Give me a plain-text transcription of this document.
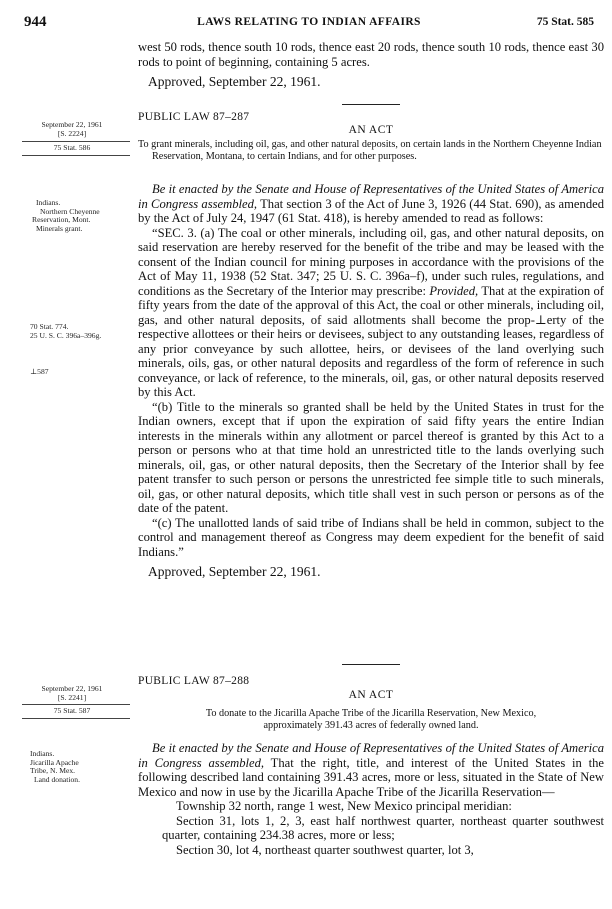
944	LAWS RELATING TO INDIAN AFFAIRS	75 Stat. 585

west 50 rods, thence south 10 rods, thence east 20 rods, thence south 10 rods, thence east 30 rods to point of beginning, containing 5 acres.

Approved, September 22, 1961.

September 22, 1961
[S. 2224]
75 Stat. 586
Indians.
Northern Cheyenne
Reservation, Mont.
Minerals grant.
70 Stat. 774.
25 U. S. C. 396a–396g.
⊥587
PUBLIC LAW 87–287
AN ACT
To grant minerals, including oil, gas, and other natural deposits, on certain lands in the Northern Cheyenne Indian Reservation, Montana, to certain Indians, and for other purposes.

Be it enacted by the Senate and House of Representatives of the United States of America in Congress assembled, That section 3 of the Act of June 3, 1926 (44 Stat. 690), as amended by the Act of July 24, 1947 (61 Stat. 418), is hereby amended to read as follows:

“SEC. 3. (a) The coal or other minerals, including oil, gas, and other natural deposits, on said reservation are hereby reserved for the benefit of the tribe and may be leased with the consent of the Indian council for mining purposes in accordance with the provisions of the Act of May 11, 1938 (52 Stat. 347; 25 U. S. C. 396a–f), under such rules, regulations, and conditions as the Secretary of the Interior may prescribe: Provided, That at the expiration of fifty years from the date of the approval of this Act, the coal or other minerals, including oil, gas, and other natural deposits, of said allotments shall become the prop-⊥erty of the respective allottees or their heirs or devisees, subject to any outstanding leases, regardless of any prior conveyance by such allottee, heirs, or devisees of the land overlying such minerals, oils, gas, or other natural deposits and regardless of the form of reference in such conveyance, or lack of reference, to the minerals, oil, gas, or other natural deposits reserved by this Act.

“(b) Title to the minerals so granted shall be held by the United States in trust for the Indian owners, except that if upon the expiration of said fifty years the entire Indian interests in the minerals within any allotment or parcel thereof is granted by this Act to a person or persons who at that time hold an unrestricted title to the lands overlying such minerals, oil, gas, or other natural deposits, then the Secretary of the Interior shall by fee patent transfer to such person or persons the unrestricted fee simple title to such minerals, oil, gas, or other natural deposits, which title shall vest in such person or persons as of the date of the patent.

“(c) The unallotted lands of said tribe of Indians shall be held in common, subject to the control and management thereof as Congress may deem expedient for the benefit of said Indians.”

Approved, September 22, 1961.

September 22, 1961
[S. 2241]
75 Stat. 587
Indians.
Jicarilla Apache
Tribe, N. Mex.
Land donation.
PUBLIC LAW 87–288
AN ACT
To donate to the Jicarilla Apache Tribe of the Jicarilla Reservation, New Mexico,
approximately 391.43 acres of federally owned land.

Be it enacted by the Senate and House of Representatives of the United States of America in Congress assembled, That the right, title, and interest of the United States in the following described land containing 391.43 acres, more or less, situated in the State of New Mexico and now in use by the Jicarilla Apache Tribe of the Jicarilla Reservation—

Township 32 north, range 1 west, New Mexico principal meridian:

Section 31, lots 1, 2, 3, east half northwest quarter, northeast quarter southwest quarter, containing 234.38 acres, more or less;

Section 30, lot 4, northeast quarter southwest quarter, lot 3,
